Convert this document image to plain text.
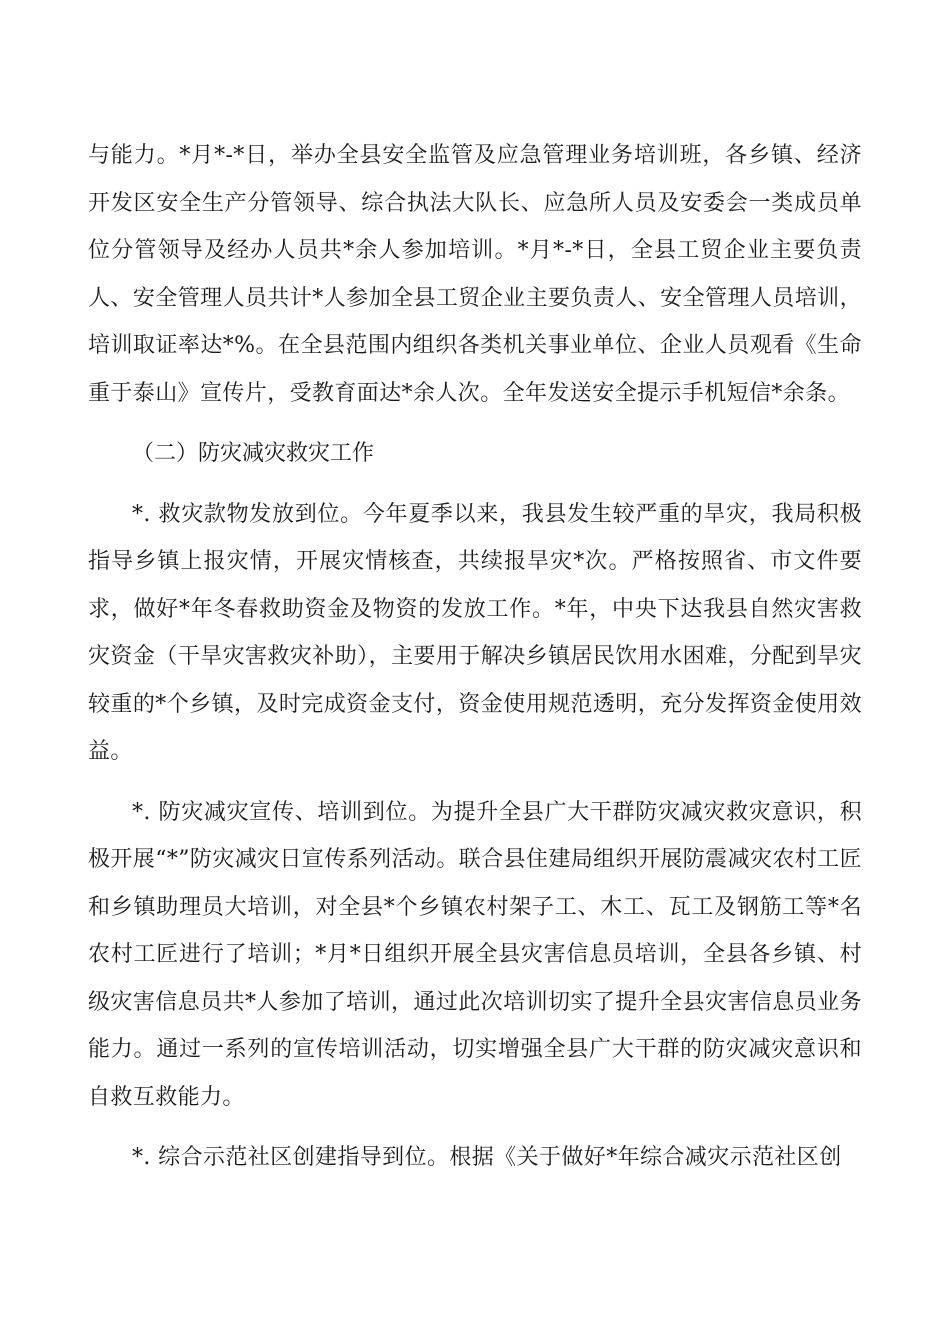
与能力。*月*-*日，举办全县安全监管及应急管理业务培训班，各乡镇、经济开发区安全生产分管领导、综合执法大队长、应急所人员及安委会一类成员单位分管领导及经办人员共*余人参加培训。*月*-*日，全县工贸企业主要负责人、安全管理人员共计*人参加全县工贸企业主要负责人、安全管理人员培训，培训取证率达*%。在全县范围内组织各类机关事业单位、企业人员观看《生命重于泰山》宣传片，受教育面达*余人次。全年发送安全提示手机短信*余条。

（二）防灾减灾救灾工作

*. 救灾款物发放到位。今年夏季以来，我县发生较严重的旱灾，我局积极指导乡镇上报灾情，开展灾情核查，共续报旱灾*次。严格按照省、市文件要求，做好*年冬春救助资金及物资的发放工作。*年，中央下达我县自然灾害救灾资金（干旱灾害救灾补助），主要用于解决乡镇居民饮用水困难，分配到旱灾较重的*个乡镇，及时完成资金支付，资金使用规范透明，充分发挥资金使用效益。

*. 防灾减灾宣传、培训到位。为提升全县广大干群防灾减灾救灾意识，积极开展“*”防灾减灾日宣传系列活动。联合县住建局组织开展防震减灾农村工匠和乡镇助理员大培训，对全县*个乡镇农村架子工、木工、瓦工及钢筋工等*名农村工匠进行了培训；*月*日组织开展全县灾害信息员培训，全县各乡镇、村级灾害信息员共*人参加了培训，通过此次培训切实了提升全县灾害信息员业务能力。通过一系列的宣传培训活动，切实增强全县广大干群的防灾减灾意识和自救互救能力。

*. 综合示范社区创建指导到位。根据《关于做好*年综合减灾示范社区创
